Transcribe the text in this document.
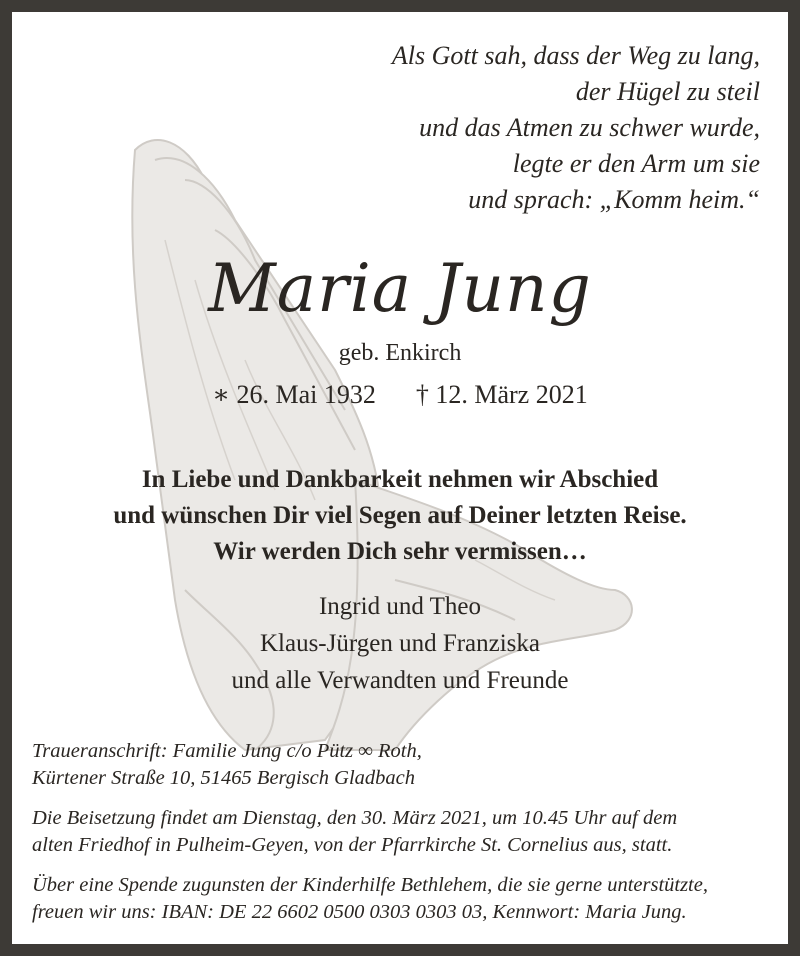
Als Gott sah, dass der Weg zu lang,
der Hügel zu steil
und das Atmen zu schwer wurde,
legte er den Arm um sie
und sprach: „Komm heim.“
Maria Jung
geb. Enkirch
∗ 26. Mai 1932 † 12. März 2021
In Liebe und Dankbarkeit nehmen wir Abschied
und wünschen Dir viel Segen auf Deiner letzten Reise.
Wir werden Dich sehr vermissen…
Ingrid und Theo
Klaus-Jürgen und Franziska
und alle Verwandten und Freunde
Traueranschrift: Familie Jung c/o Pütz ∞ Roth,
Kürtener Straße 10, 51465 Bergisch Gladbach
Die Beisetzung findet am Dienstag, den 30. März 2021, um 10.45 Uhr auf dem
alten Friedhof in Pulheim-Geyen, von der Pfarrkirche St. Cornelius aus, statt.
Über eine Spende zugunsten der Kinderhilfe Bethlehem, die sie gerne unterstützte,
freuen wir uns: IBAN: DE 22 6602 0500 0303 0303 03, Kennwort: Maria Jung.
